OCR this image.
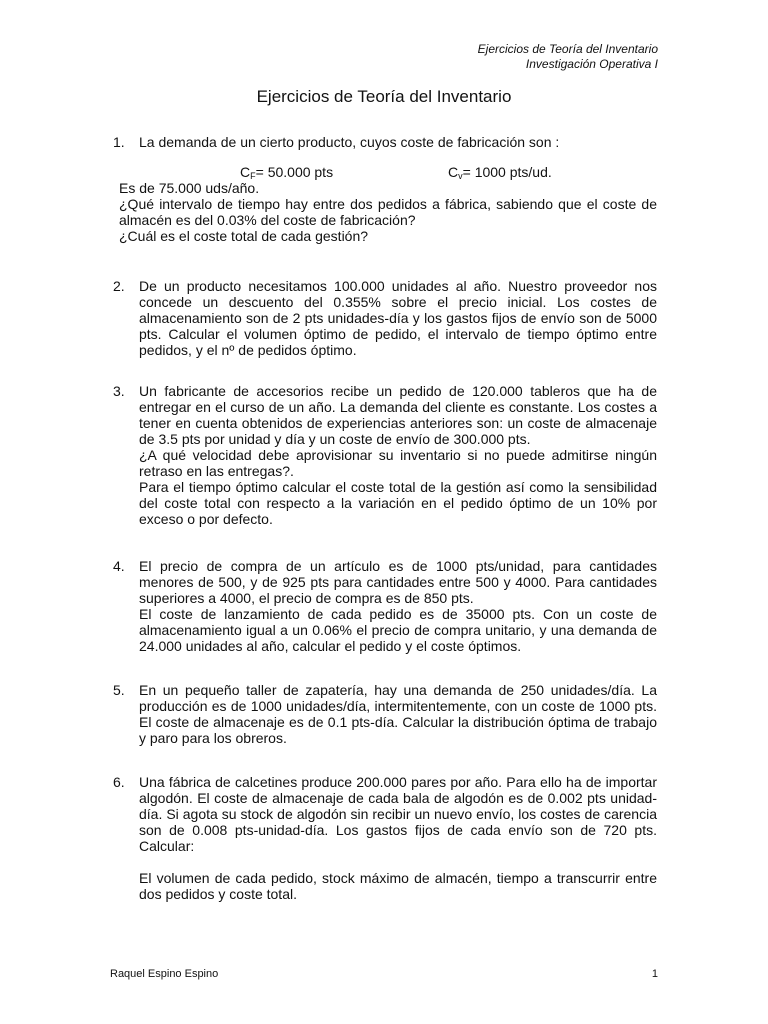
Ejercicios de Teoría del Inventario
Investigación Operativa I
Ejercicios de Teoría del Inventario
1. La demanda de un cierto producto, cuyos coste de fabricación son :

$C_F= 50.000$ pts	$C_v= 1000$ pts/ud.

Es de 75.000 uds/año.

¿Qué intervalo de tiempo hay entre dos pedidos a fábrica, sabiendo que el coste de almacén es del 0.03% del coste de fabricación?

¿Cuál es el coste total de cada gestión?

2. De un producto necesitamos 100.000 unidades al año. Nuestro proveedor nos concede un descuento del 0.355% sobre el precio inicial. Los costes de almacenamiento son de 2 pts unidades-día y los gastos fijos de envío son de 5000 pts. Calcular el volumen óptimo de pedido, el intervalo de tiempo óptimo entre pedidos, y el nº de pedidos óptimo.

3. Un fabricante de accesorios recibe un pedido de 120.000 tableros que ha de entregar en el curso de un año. La demanda del cliente es constante. Los costes a tener en cuenta obtenidos de experiencias anteriores son: un coste de almacenaje de 3.5 pts por unidad y día y un coste de envío de 300.000 pts.

¿A qué velocidad debe aprovisionar su inventario si no puede admitirse ningún retraso en las entregas?.

Para el tiempo óptimo calcular el coste total de la gestión así como la sensibilidad del coste total con respecto a la variación en el pedido óptimo de un 10% por exceso o por defecto.

4. El precio de compra de un artículo es de 1000 pts/unidad, para cantidades menores de 500, y de 925 pts para cantidades entre 500 y 4000. Para cantidades superiores a 4000, el precio de compra es de 850 pts.

El coste de lanzamiento de cada pedido es de 35000 pts. Con un coste de almacenamiento igual a un 0.06% el precio de compra unitario, y una demanda de 24.000 unidades al año, calcular el pedido y el coste óptimos.

5. En un pequeño taller de zapatería, hay una demanda de 250 unidades/día. La producción es de 1000 unidades/día, intermitentemente, con un coste de 1000 pts. El coste de almacenaje es de 0.1 pts-día. Calcular la distribución óptima de trabajo y paro para los obreros.

6. Una fábrica de calcetines produce 200.000 pares por año. Para ello ha de importar algodón. El coste de almacenaje de cada bala de algodón es de 0.002 pts unidad-día. Si agota su stock de algodón sin recibir un nuevo envío, los costes de carencia son de 0.008 pts-unidad-día. Los gastos fijos de cada envío son de 720 pts. Calcular:

El volumen de cada pedido, stock máximo de almacén, tiempo a transcurrir entre dos pedidos y coste total.

Raquel Espino Espino	1
